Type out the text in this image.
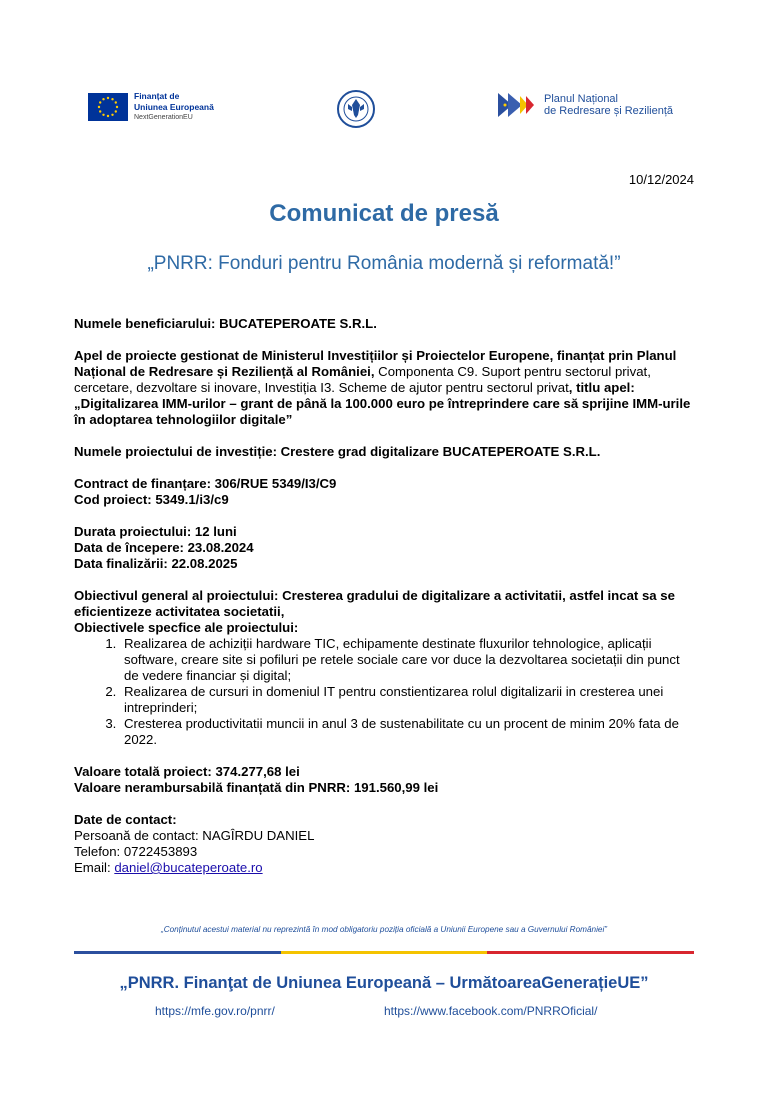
Finanțat de
Uniunea Europeană
NextGenerationEU
Planul Național
de Redresare și Reziliență
10/12/2024
Comunicat de presă
„PNRR: Fonduri pentru România modernă și reformată!”

Numele beneficiarului: BUCATEPEROATE S.R.L.

Apel de proiecte gestionat de Ministerul Investițiilor și Proiectelor Europene, finanțat prin Planul Național de Redresare și Reziliență al României, Componenta C9. Suport pentru sectorul privat, cercetare, dezvoltare si inovare, Investiția I3. Scheme de ajutor pentru sectorul privat, titlu apel: „Digitalizarea IMM-urilor – grant de până la 100.000 euro pe întreprindere care să sprijine IMM-urile în adoptarea tehnologiilor digitale”

Numele proiectului de investiție: Crestere grad digitalizare BUCATEPEROATE S.R.L.

Contract de finanțare: 306/RUE 5349/I3/C9
Cod proiect: 5349.1/i3/c9

Durata proiectului: 12 luni
Data de începere: 23.08.2024
Data finalizării: 22.08.2025

Obiectivul general al proiectului: Cresterea gradului de digitalizare a activitatii, astfel incat sa se eficientizeze activitatea societatii,
Obiectivele specfice ale proiectului:
1. Realizarea de achiziții hardware TIC, echipamente destinate fluxurilor tehnologice, aplicații software, creare site si pofiluri pe retele sociale care vor duce la dezvoltarea societații din punct de vedere financiar și digital;
2. Realizarea de cursuri in domeniul IT pentru constientizarea rolul digitalizarii in cresterea unei intreprinderi;
3. Cresterea productivitatii muncii in anul 3 de sustenabilitate cu un procent de minim 20% fata de 2022.

Valoare totală proiect: 374.277,68 lei
Valoare nerambursabilă finanțată din PNRR: 191.560,99 lei

Date de contact:
Persoană de contact: NAGÎRDU DANIEL
Telefon: 0722453893
Email: daniel@bucateperoate.ro

„Conținutul acestui material nu reprezintă în mod obligatoriu poziția oficială a Uniunii Europene sau a Guvernului României”
„PNRR. Finanţat de Uniunea Europeană – UrmătoareaGenerațieUE”
https://mfe.gov.ro/pnrr/	https://www.facebook.com/PNRROficial/
